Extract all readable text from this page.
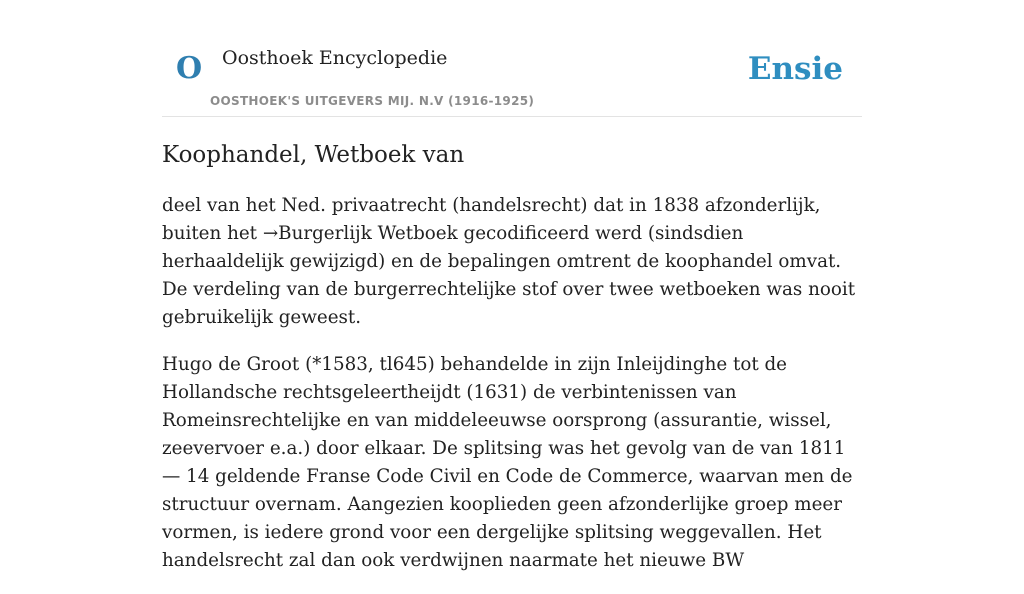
O Oosthoek Encyclopedie
OOSTHOEK'S UITGEVERS MIJ. N.V (1916-1925)
Ensie
Koophandel, Wetboek van

deel van het Ned. privaatrecht (handelsrecht) dat in 1838 afzonderlijk, buiten het →Burgerlijk Wetboek gecodificeerd werd (sindsdien herhaaldelijk gewijzigd) en de bepalingen omtrent de koophandel omvat. De verdeling van de burgerrechtelijke stof over twee wetboeken was nooit gebruikelijk geweest.

Hugo de Groot (*1583, tl645) behandelde in zijn Inleijdinghe tot de Hollandsche rechtsgeleertheijdt (1631) de verbintenissen van Romeinsrechtelijke en van middeleeuwse oorsprong (assurantie, wissel, zeevervoer e.a.) door elkaar. De splitsing was het gevolg van de van 1811 — 14 geldende Franse Code Civil en Code de Commerce, waarvan men de structuur overnam. Aangezien kooplieden geen afzonderlijke groep meer vormen, is iedere grond voor een dergelijke splitsing weggevallen. Het handelsrecht zal dan ook verdwijnen naarmate het nieuwe BW
